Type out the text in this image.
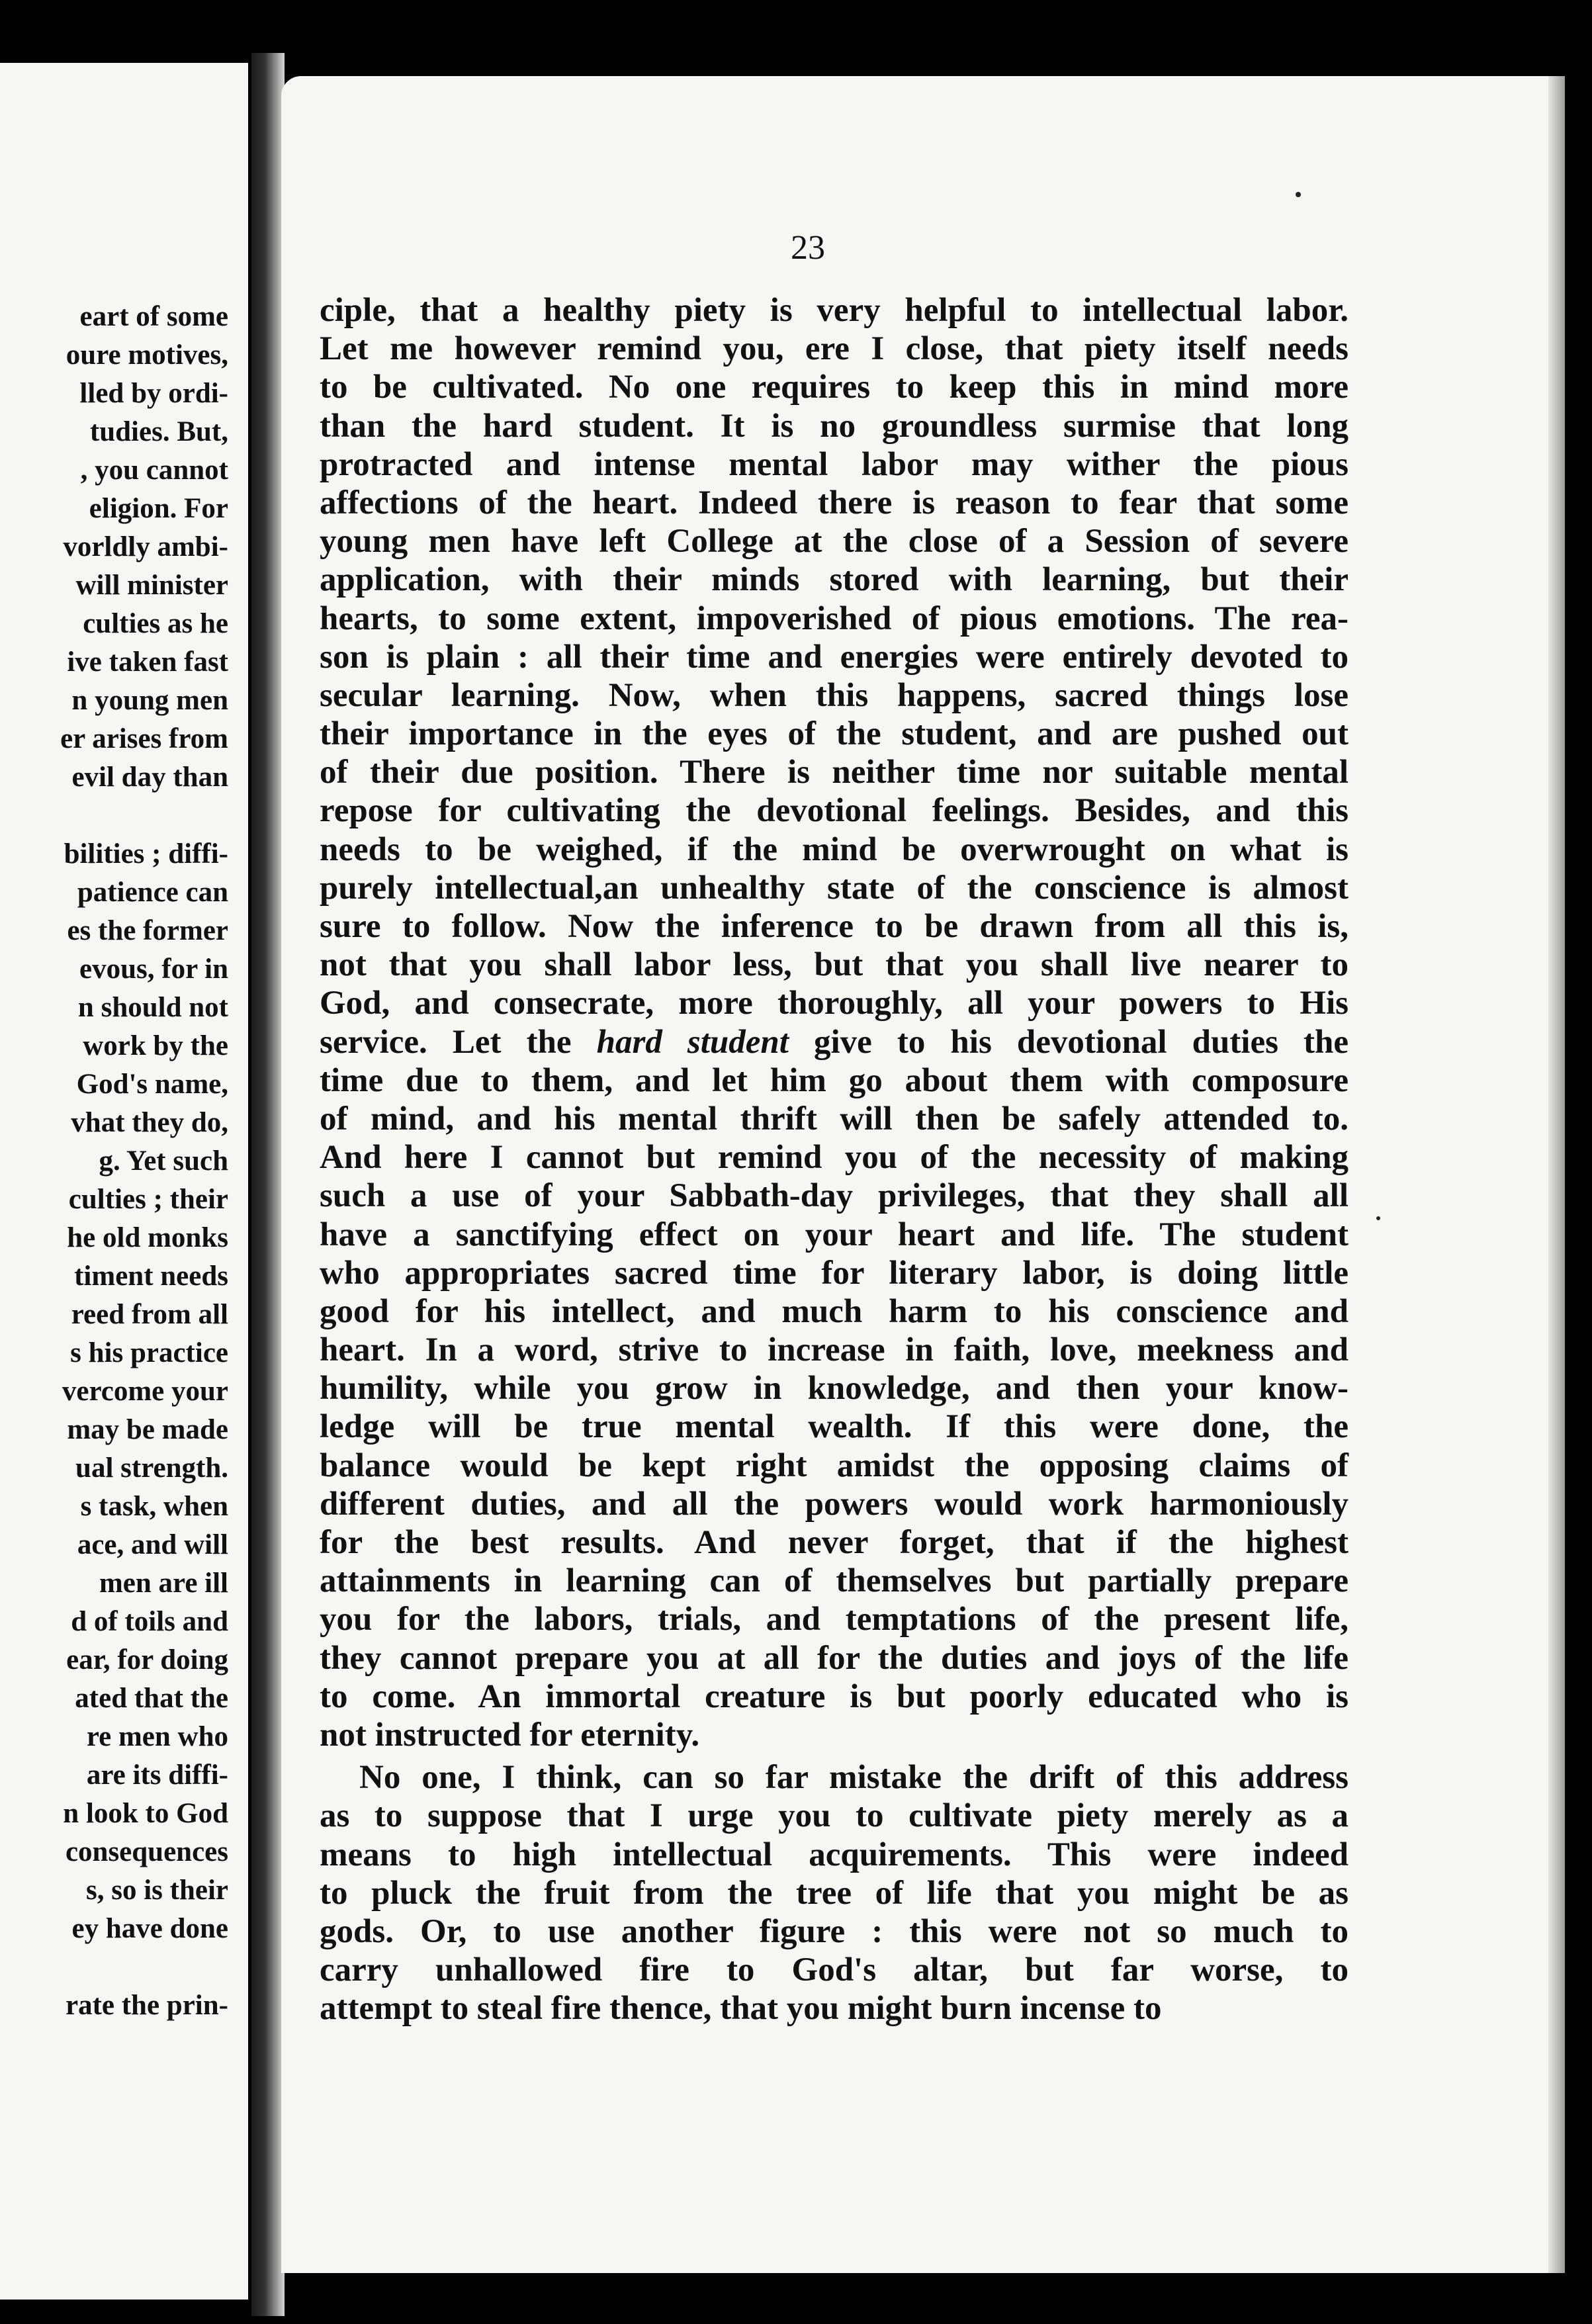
eart of some
oure motives,
lled by ordi-
tudies. But,
, you cannot
eligion. For
vorldly ambi-
will minister
culties as he
ive taken fast
n young men
er arises from
evil day than
bilities ; diffi-
patience can
es the former
evous, for in
n should not
work by the
God's name,
vhat they do,
g. Yet such
culties ; their
he old monks
timent needs
reed from all
s his practice
vercome your
may be made
ual strength.
s task, when
ace, and will
men are ill
d of toils and
ear, for doing
ated that the
re men who
are its diffi-
n look to God
consequences
s, so is their
ey have done
rate the prin-
23
ciple, that a healthy piety is very helpful to intellectual labor.
Let me however remind you, ere I close, that piety itself needs
to be cultivated. No one requires to keep this in mind more
than the hard student. It is no groundless surmise that long
protracted and intense mental labor may wither the pious
affections of the heart. Indeed there is reason to fear that some
young men have left College at the close of a Session of severe
application, with their minds stored with learning, but their
hearts, to some extent, impoverished of pious emotions. The rea-
son is plain : all their time and energies were entirely devoted to
secular learning. Now, when this happens, sacred things lose
their importance in the eyes of the student, and are pushed out
of their due position. There is neither time nor suitable mental
repose for cultivating the devotional feelings. Besides, and this
needs to be weighed, if the mind be overwrought on what is
purely intellectual,an unhealthy state of the conscience is almost
sure to follow. Now the inference to be drawn from all this is,
not that you shall labor less, but that you shall live nearer to
God, and consecrate, more thoroughly, all your powers to His
service. Let the hard student give to his devotional duties the
time due to them, and let him go about them with composure
of mind, and his mental thrift will then be safely attended to.
And here I cannot but remind you of the necessity of making
such a use of your Sabbath-day privileges, that they shall all
have a sanctifying effect on your heart and life. The student
who appropriates sacred time for literary labor, is doing little
good for his intellect, and much harm to his conscience and
heart. In a word, strive to increase in faith, love, meekness and
humility, while you grow in knowledge, and then your know-
ledge will be true mental wealth. If this were done, the
balance would be kept right amidst the opposing claims of
different duties, and all the powers would work harmoniously
for the best results. And never forget, that if the highest
attainments in learning can of themselves but partially prepare
you for the labors, trials, and temptations of the present life,
they cannot prepare you at all for the duties and joys of the life
to come. An immortal creature is but poorly educated who is
not instructed for eternity.
No one, I think, can so far mistake the drift of this address
as to suppose that I urge you to cultivate piety merely as a
means to high intellectual acquirements. This were indeed
to pluck the fruit from the tree of life that you might be as
gods. Or, to use another figure : this were not so much to
carry unhallowed fire to God's altar, but far worse, to
attempt to steal fire thence, that you might burn incense to
